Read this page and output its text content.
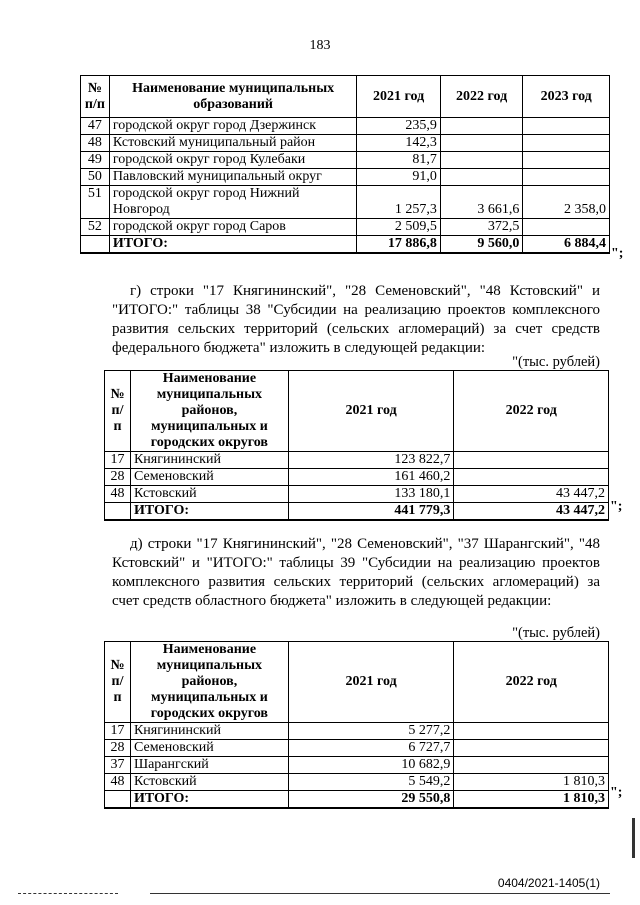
183
№ п/п	Наименование муниципальных образований	2021 год	2022 год	2023 год
47	городской округ город Дзержинск	235,9		
48	Кстовский муниципальный район	142,3		
49	городской округ город Кулебаки	81,7		
50	Павловский муниципальный округ	91,0		
51	городской округ город Нижний Новгород	1 257,3	3 661,6	2 358,0
52	городской округ город Саров	2 509,5	372,5	
	ИТОГО:	17 886,8	9 560,0	6 884,4
";

г) строки "17 Княгининский", "28 Семеновский", "48 Кстовский" и "ИТОГО:" таблицы 38 "Субсидии на реализацию проектов комплексного развития сельских территорий (сельских агломераций) за счет средств федерального бюджета" изложить в следующей редакции:

"(тыс. рублей)
№ п/п	Наименование муниципальных районов, муниципальных и городских округов	2021 год	2022 год
17	Княгининский	123 822,7	
28	Семеновский	161 460,2	
48	Кстовский	133 180,1	43 447,2
	ИТОГО:	441 779,3	43 447,2 ";

д) строки "17 Княгининский", "28 Семеновский", "37 Шарангский", "48 Кстовский" и "ИТОГО:" таблицы 39 "Субсидии на реализацию проектов комплексного развития сельских территорий (сельских агломераций) за счет средств областного бюджета" изложить в следующей редакции:

"(тыс. рублей)
№ п/п	Наименование муниципальных районов, муниципальных и городских округов	2021 год	2022 год
17	Княгининский	5 277,2	
28	Семеновский	6 727,7	
37	Шарангский	10 682,9	
48	Кстовский	5 549,2	1 810,3
	ИТОГО:	29 550,8	1 810,3 ";
0404/2021-1405(1)
